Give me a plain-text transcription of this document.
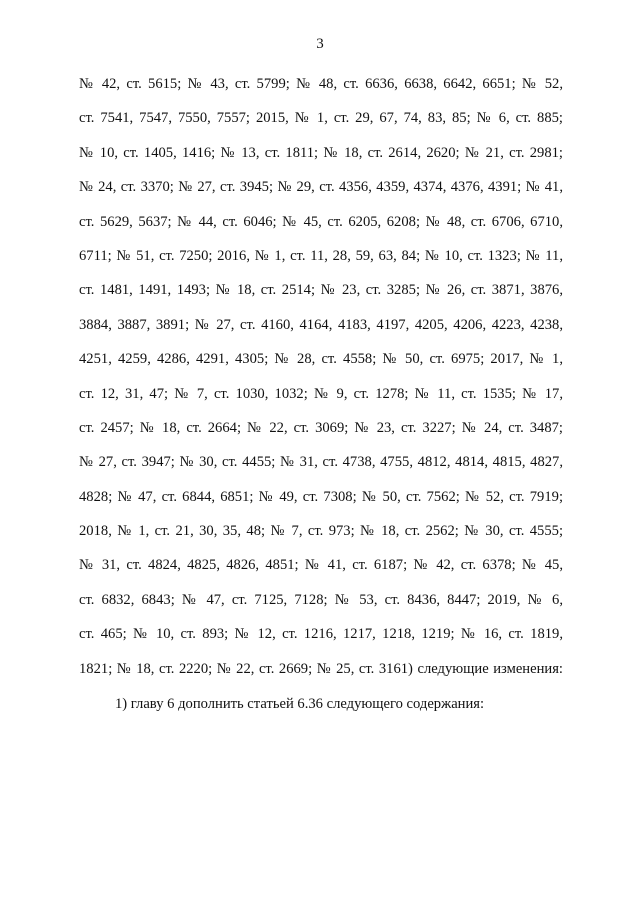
3
№ 42, ст. 5615; № 43, ст. 5799; № 48, ст. 6636, 6638, 6642, 6651; № 52,
ст. 7541, 7547, 7550, 7557; 2015, № 1, ст. 29, 67, 74, 83, 85; № 6, ст. 885;
№ 10, ст. 1405, 1416; № 13, ст. 1811; № 18, ст. 2614, 2620; № 21, ст. 2981;
№ 24, ст. 3370; № 27, ст. 3945; № 29, ст. 4356, 4359, 4374, 4376, 4391; № 41,
ст. 5629, 5637; № 44, ст. 6046; № 45, ст. 6205, 6208; № 48, ст. 6706, 6710,
6711; № 51, ст. 7250; 2016, № 1, ст. 11, 28, 59, 63, 84; № 10, ст. 1323; № 11,
ст. 1481, 1491, 1493; № 18, ст. 2514; № 23, ст. 3285; № 26, ст. 3871, 3876,
3884, 3887, 3891; № 27, ст. 4160, 4164, 4183, 4197, 4205, 4206, 4223, 4238,
4251, 4259, 4286, 4291, 4305; № 28, ст. 4558; № 50, ст. 6975; 2017, № 1,
ст. 12, 31, 47; № 7, ст. 1030, 1032; № 9, ст. 1278; № 11, ст. 1535; № 17,
ст. 2457; № 18, ст. 2664; № 22, ст. 3069; № 23, ст. 3227; № 24, ст. 3487;
№ 27, ст. 3947; № 30, ст. 4455; № 31, ст. 4738, 4755, 4812, 4814, 4815, 4827,
4828; № 47, ст. 6844, 6851; № 49, ст. 7308; № 50, ст. 7562; № 52, ст. 7919;
2018, № 1, ст. 21, 30, 35, 48; № 7, ст. 973; № 18, ст. 2562; № 30, ст. 4555;
№ 31, ст. 4824, 4825, 4826, 4851; № 41, ст. 6187; № 42, ст. 6378; № 45,
ст. 6832, 6843; № 47, ст. 7125, 7128; № 53, ст. 8436, 8447; 2019, № 6,
ст. 465; № 10, ст. 893; № 12, ст. 1216, 1217, 1218, 1219; № 16, ст. 1819,
1821; № 18, ст. 2220; № 22, ст. 2669; № 25, ст. 3161) следующие изменения:
1) главу 6 дополнить статьей 6.36 следующего содержания:
